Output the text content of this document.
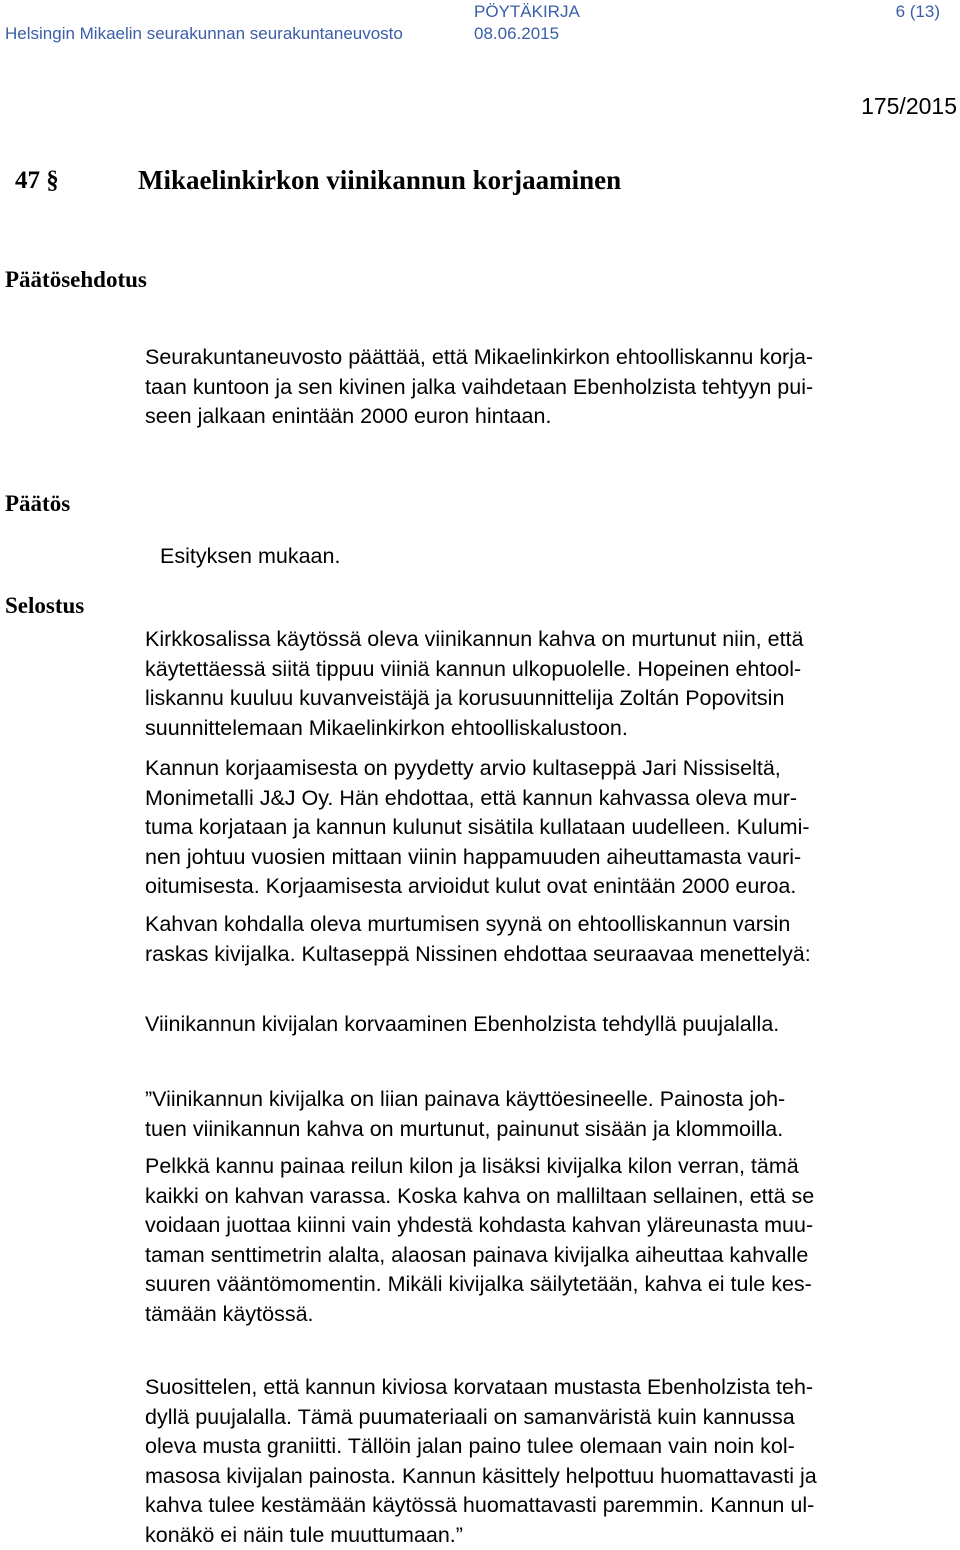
Helsingin Mikaelin seurakunnan seurakuntaneuvosto
PÖYTÄKIRJA
08.06.2015
6 (13)
175/2015
47 §	Mikaelinkirkon viinikannun korjaaminen
Päätösehdotus
Päätös
Selostus
Seurakuntaneuvosto päättää, että Mikaelinkirkon ehtoolliskannu korja-
taan kuntoon ja sen kivinen jalka vaihdetaan Ebenholzista tehtyyn pui-
seen jalkaan enintään 2000 euron hintaan.
Esityksen mukaan.
Kirkkosalissa käytössä oleva viinikannun kahva on murtunut niin, että
käytettäessä siitä tippuu viiniä kannun ulkopuolelle. Hopeinen ehtool-
liskannu kuuluu kuvanveistäjä ja korusuunnittelija Zoltán Popovitsin
suunnittelemaan Mikaelinkirkon ehtoolliskalustoon.
Kannun korjaamisesta on pyydetty arvio kultaseppä Jari Nissiseltä,
Monimetalli J&J Oy. Hän ehdottaa, että kannun kahvassa oleva mur-
tuma korjataan ja kannun kulunut sisätila kullataan uudelleen. Kulumi-
nen johtuu vuosien mittaan viinin happamuuden aiheuttamasta vauri-
oitumisesta. Korjaamisesta arvioidut kulut ovat enintään 2000 euroa.
Kahvan kohdalla oleva murtumisen syynä on ehtoolliskannun varsin
raskas kivijalka. Kultaseppä Nissinen ehdottaa seuraavaa menettelyä:
Viinikannun kivijalan korvaaminen Ebenholzista tehdyllä puujalalla.
”Viinikannun kivijalka on liian painava käyttöesineelle. Painosta joh-
tuen viinikannun kahva on murtunut, painunut sisään ja klommoilla.
Pelkkä kannu painaa reilun kilon ja lisäksi kivijalka kilon verran, tämä
kaikki on kahvan varassa. Koska kahva on malliltaan sellainen, että se
voidaan juottaa kiinni vain yhdestä kohdasta kahvan yläreunasta muu-
taman senttimetrin alalta, alaosan painava kivijalka aiheuttaa kahvalle
suuren vääntömomentin. Mikäli kivijalka säilytetään, kahva ei tule kes-
tämään käytössä.
Suosittelen, että kannun kiviosa korvataan mustasta Ebenholzista teh-
dyllä puujalalla. Tämä puumateriaali on samanväristä kuin kannussa
oleva musta graniitti. Tällöin jalan paino tulee olemaan vain noin kol-
masosa kivijalan painosta. Kannun käsittely helpottuu huomattavasti ja
kahva tulee kestämään käytössä huomattavasti paremmin. Kannun ul-
konäkö ei näin tule muuttumaan.”
